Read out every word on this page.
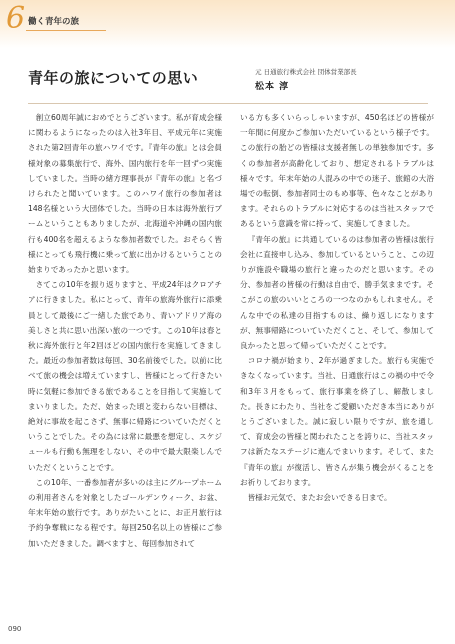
6 働く青年の旅
青年の旅についての思い	元 日通旅行株式会社 団体営業部長
松本 淳

創立60周年誠におめでとうございます。私が育成会様に関わるようになったのは入社3年目、平成元年に実施された第2回青年の旅ハワイです。『青年の旅』とは会員様対象の募集旅行で、海外、国内旅行を年一回ずつ実施していました。当時の緒方理事長が『青年の旅』と名づけられたと聞いています。このハワイ旅行の参加者は148名様という大団体でした。当時の日本は海外旅行ブームということもありましたが、北海道や沖縄の国内旅行も400名を超えるような参加者数でした。おそらく皆様にとっても飛行機に乗って旅に出かけるということの始まりであったかと思います。

さてこの10年を振り返りますと、平成24年はクロアチアに行きました。私にとって、青年の旅海外旅行に添乗員として最後にご一緒した旅であり、青いアドリア海の美しさと共に思い出深い旅の一つです。この10年は春と秋に海外旅行と年2回ほどの国内旅行を実施してきました。最近の参加者数は毎回、30名前後でした。以前に比べて旅の機会は増えていますし、皆様にとって行きたい時に気軽に参加できる旅であることを目指して実施してまいりました。ただ、始まった頃と変わらない目標は、絶対に事故を起こさず、無事に帰路についていただくということでした。その為には常に最悪を想定し、スケジュールも行動も無理をしない、その中で最大限楽しんでいただくということです。

この10年、一番参加者が多いのは主にグループホームの利用者さんを対象としたゴールデンウィーク、お盆、年末年始の旅行です。ありがたいことに、お正月旅行は予約争奪戦になる程です。毎回250名以上の皆様にご参加いただきました。調べますと、毎回参加されて

いる方も多くいらっしゃいますが、450名ほどの皆様が一年間に何度かご参加いただいているという様子です。この旅行の胎どの皆様は支援者無しの単独参加です。多くの参加者が高齢化しており、想定されるトラブルは様々です。年末年始の人混みの中での迷子、旅館の大浴場での転倒、参加者同士のもめ事等、色々なことがあります。それらのトラブルに対応するのは当社スタッフであるという意識を常に持って、実施してきました。

『青年の旅』に共通しているのは参加者の皆様は旅行会社に直接申し込み、参加しているということ、この辺りが施設や職場の旅行と違ったのだと思います。その分、参加者の皆様の行動は自由で、勝手気ままです。そこがこの旅のいいところの一つなのかもしれません。そんな中での私達の目指すものは、繰り返しになりますが、無事帰路についていただくこと、そして、参加して良かったと思って帰っていただくことです。

コロナ禍が始まり、2年が過ぎました。旅行も実施できなくなっています。当社、日通旅行はこの禍の中で令和3年３月をもって、旅行事業を終了し、解散しました。長きにわたり、当社をご愛顧いただき本当にありがとうございました。誠に寂しい限りですが、旅を通して、育成会の皆様と関われたことを誇りに、当社スタッフは新たなステージに進んでまいります。そして、また『青年の旅』が復活し、皆さんが集う機会がくることをお祈りしております。

皆様お元気で、またお会いできる日まで。

090
